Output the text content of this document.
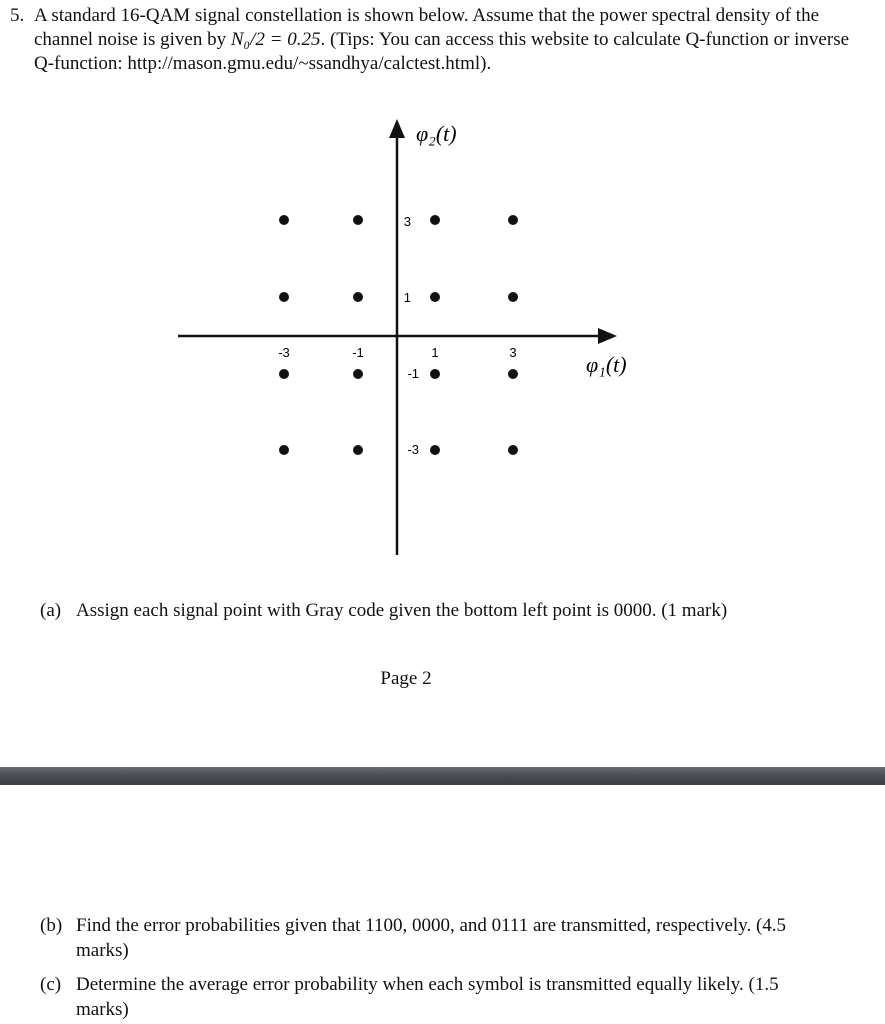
5. A standard 16-QAM signal constellation is shown below. Assume that the power spectral density of the channel noise is given by N₀/2 = 0.25. (Tips: You can access this website to calculate Q-function or inverse Q-function: http://mason.gmu.edu/~ssandhya/calctest.html).
φ₂(t)
φ₁(t)
-3	-1	1	3
3
1
-1
-3
(a) Assign each signal point with Gray code given the bottom left point is 0000. (1 mark)
Page 2
(b) Find the error probabilities given that 1100, 0000, and 0111 are transmitted, respectively. (4.5 marks)
(c) Determine the average error probability when each symbol is transmitted equally likely. (1.5 marks)
